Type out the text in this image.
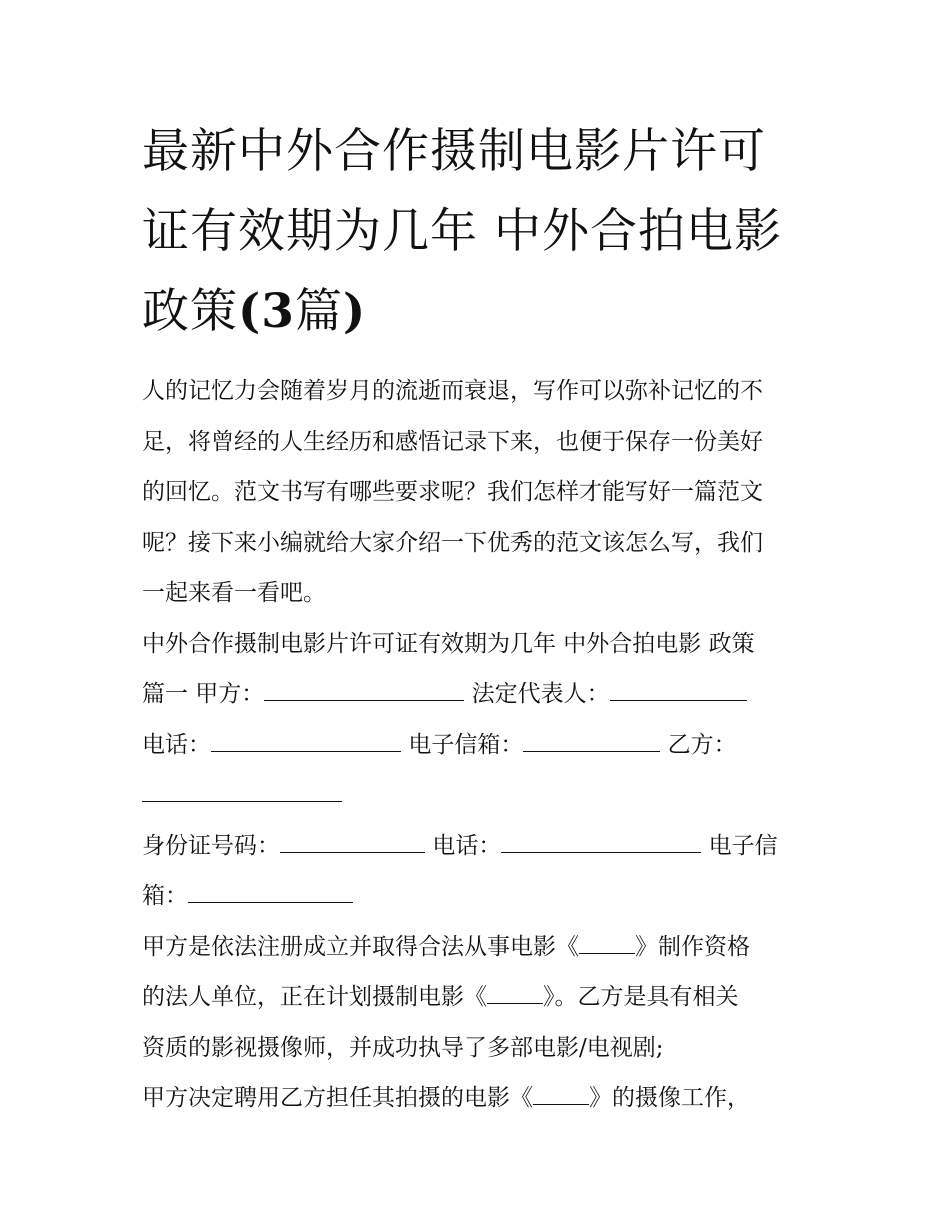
最新中外合作摄制电影片许可
证有效期为几年 中外合拍电影
政策(3篇)
人的记忆力会随着岁月的流逝而衰退，写作可以弥补记忆的不
足，将曾经的人生经历和感悟记录下来，也便于保存一份美好
的回忆。范文书写有哪些要求呢？我们怎样才能写好一篇范文
呢？接下来小编就给大家介绍一下优秀的范文该怎么写，我们
一起来看一看吧。
中外合作摄制电影片许可证有效期为几年 中外合拍电影 政策
篇一 甲方：	法定代表人：
电话：	电子信箱：	乙方：
身份证号码：	电话：	电子信
箱：
甲方是依法注册成立并取得合法从事电影《 》制作资格
的法人单位，正在计划摄制电影《 》。乙方是具有相关
资质的影视摄像师，并成功执导了多部电影/电视剧;
甲方决定聘用乙方担任其拍摄的电影《 》的摄像工作，
